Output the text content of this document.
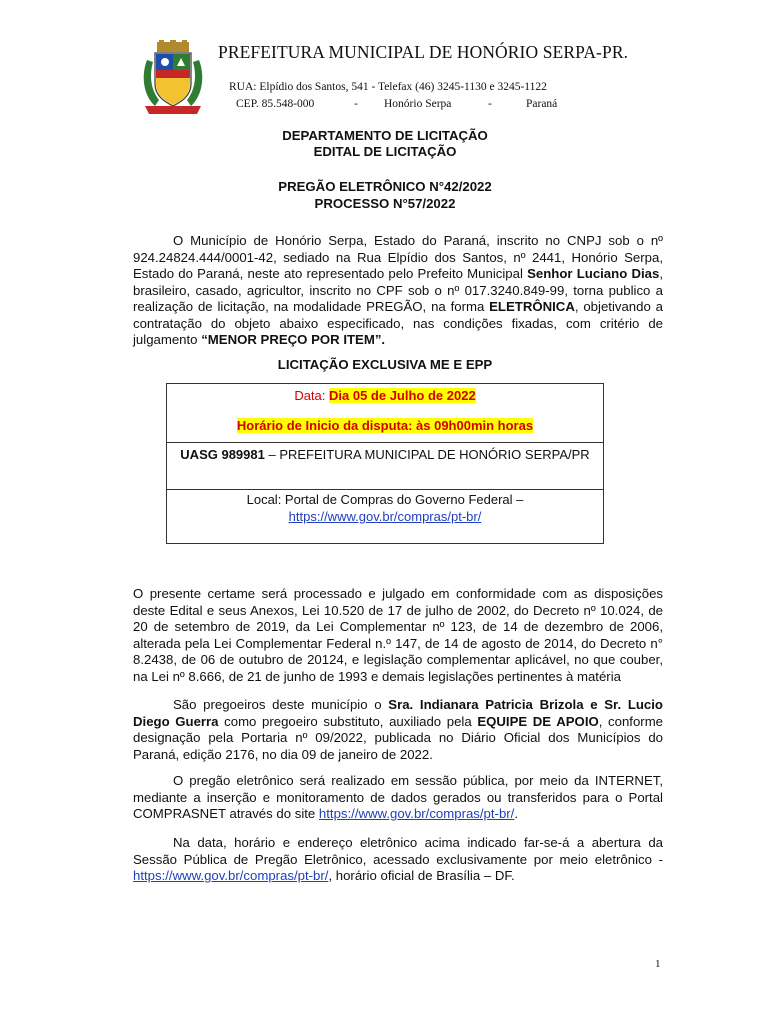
PREFEITURA MUNICIPAL DE HONÓRIO SERPA-PR.
RUA: Elpídio dos Santos, 541 - Telefax (46) 3245-1130 e 3245-1122
CEP. 85.548-000	- Honório Serpa	-	Paraná
DEPARTAMENTO DE LICITAÇÃO
EDITAL DE LICITAÇÃO
PREGÃO ELETRÔNICO N°42/2022
PROCESSO N°57/2022

O Município de Honório Serpa, Estado do Paraná, inscrito no CNPJ sob o nº 924.24824.444/0001-42, sediado na Rua Elpídio dos Santos, nº 2441, Honório Serpa, Estado do Paraná, neste ato representado pelo Prefeito Municipal Senhor Luciano Dias, brasileiro, casado, agricultor, inscrito no CPF sob o nº 017.3240.849-99, torna publico a realização de licitação, na modalidade PREGÃO, na forma ELETRÔNICA, objetivando a contratação do objeto abaixo especificado, nas condições fixadas, com critério de julgamento “MENOR PREÇO POR ITEM”.

LICITAÇÃO EXCLUSIVA ME E EPP
Data: Dia 05 de Julho de 2022
Horário de Inicio da disputa: às 09h00min horas
UASG 989981 – PREFEITURA MUNICIPAL DE HONÓRIO SERPA/PR
Local: Portal de Compras do Governo Federal –
https://www.gov.br/compras/pt-br/

O presente certame será processado e julgado em conformidade com as disposições deste Edital e seus Anexos, Lei 10.520 de 17 de julho de 2002, do Decreto nº 10.024, de 20 de setembro de 2019, da Lei Complementar nº 123, de 14 de dezembro de 2006, alterada pela Lei Complementar Federal n.º 147, de 14 de agosto de 2014, do Decreto n° 8.2438, de 06 de outubro de 20124, e legislação complementar aplicável, no que couber, na Lei nº 8.666, de 21 de junho de 1993 e demais legislações pertinentes à matéria

São pregoeiros deste município o Sra. Indianara Patricia Brizola e Sr. Lucio Diego Guerra como pregoeiro substituto, auxiliado pela EQUIPE DE APOIO, conforme designação pela Portaria nº 09/2022, publicada no Diário Oficial dos Municípios do Paraná, edição 2176, no dia 09 de janeiro de 2022.

O pregão eletrônico será realizado em sessão pública, por meio da INTERNET, mediante a inserção e monitoramento de dados gerados ou transferidos para o Portal COMPRASNET através do site https://www.gov.br/compras/pt-br/.

Na data, horário e endereço eletrônico acima indicado far-se-á a abertura da Sessão Pública de Pregão Eletrônico, acessado exclusivamente por meio eletrônico - https://www.gov.br/compras/pt-br/, horário oficial de Brasília – DF.

1
